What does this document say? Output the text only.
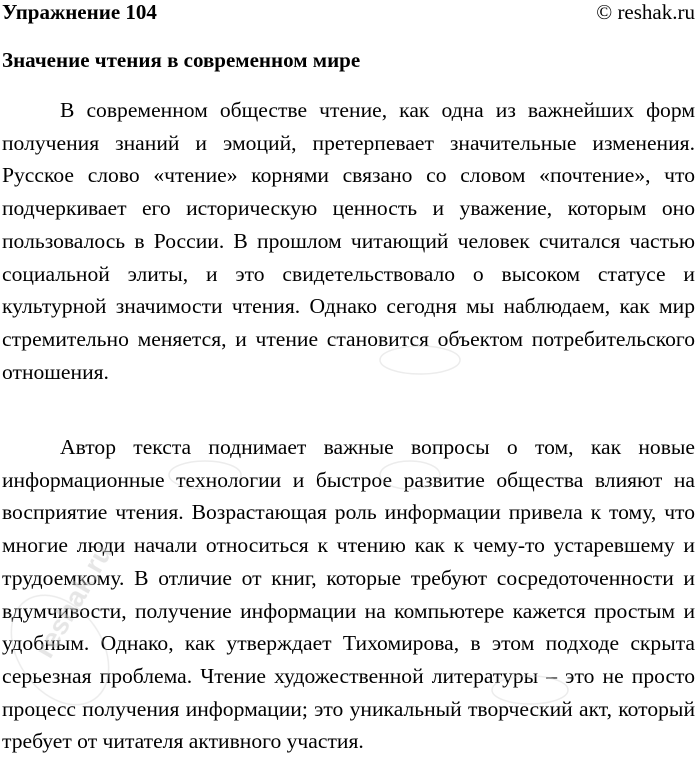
Упражнение 104	© reshak.ru
Значение чтения в современном мире

В современном обществе чтение, как одна из важнейших форм получения знаний и эмоций, претерпевает значительные изменения. Русское слово «чтение» корнями связано со словом «почтение», что подчеркивает его историческую ценность и уважение, которым оно пользовалось в России. В прошлом читающий человек считался частью социальной элиты, и это свидетельствовало о высоком статусе и культурной значимости чтения. Однако сегодня мы наблюдаем, как мир стремительно меняется, и чтение становится объектом потребительского отношения.

Автор текста поднимает важные вопросы о том, как новые информационные технологии и быстрое развитие общества влияют на восприятие чтения. Возрастающая роль информации привела к тому, что многие люди начали относиться к чтению как к чему-то устаревшему и трудоемкому. В отличие от книг, которые требуют сосредоточенности и вдумчивости, получение информации на компьютере кажется простым и удобным. Однако, как утверждает Тихомирова, в этом подходе скрыта серьезная проблема. Чтение художественной литературы – это не просто процесс получения информации; это уникальный творческий акт, который требует от читателя активного участия.

reshak.ru
